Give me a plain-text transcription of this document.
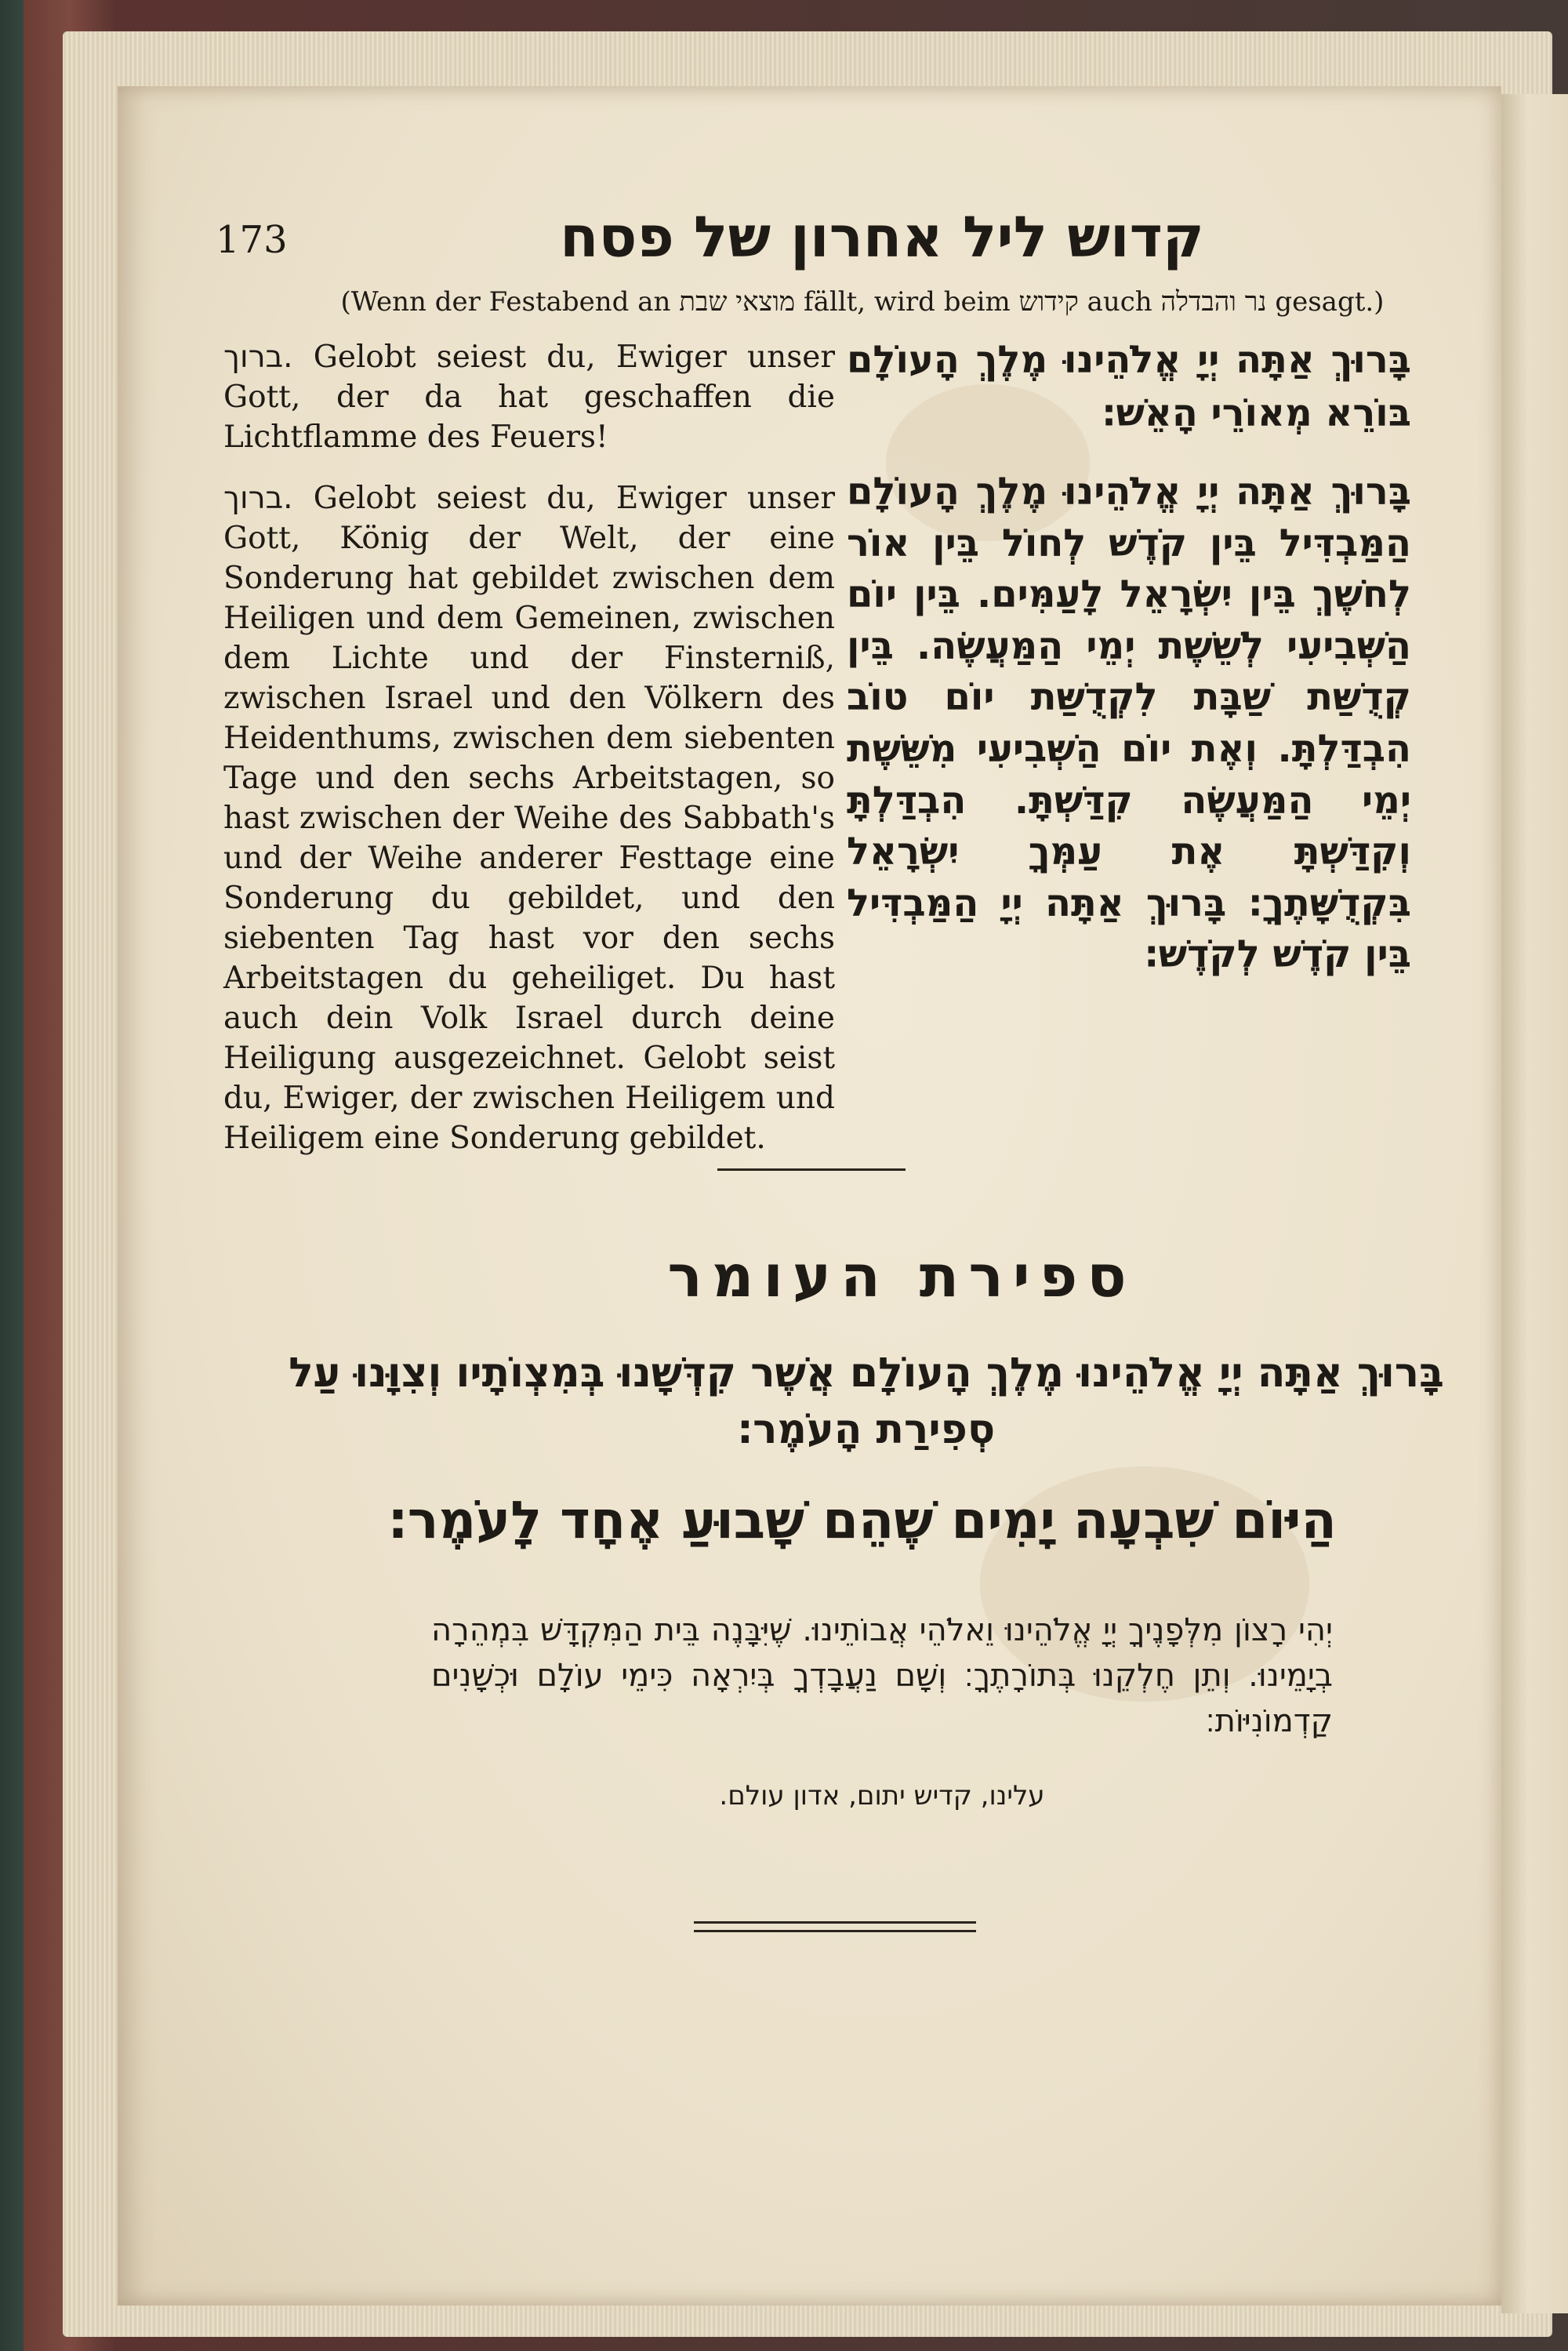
173	קדוש ליל אחרון של פסח
(Wenn der Festabend an מוצאי שבת fällt, wird beim קידוש auch נר והבדלה gesagt.)
בָּרוּךְ אַתָּה יְיָ אֱלֹהֵינוּ מֶלֶךְ הָעוֹלָם בּוֹרֵא מְאוֹרֵי הָאֵשׁ׃
ברוך. Gelobt seiest du, Ewiger unser Gott, der da hat geschaffen die Lichtflamme des Feuers!
בָּרוּךְ אַתָּה יְיָ אֱלֹהֵינוּ מֶלֶךְ הָעוֹלָם הַמַּבְדִּיל בֵּין קֹדֶשׁ לְחוֹל בֵּין אוֹר לְחֹשֶׁךְ בֵּין יִשְׂרָאֵל לָעַמִּים. בֵּין יוֹם הַשְּׁבִיעִי לְשֵׁשֶׁת יְמֵי הַמַּעֲשֶׂה. בֵּין קְדֻשַּׁת שַׁבָּת לִקְדֻשַּׁת יוֹם טוֹב הִבְדַּלְתָּ. וְאֶת יוֹם הַשְּׁבִיעִי מִשֵּׁשֶׁת יְמֵי הַמַּעֲשֶׂה קִדַּשְׁתָּ. הִבְדַּלְתָּ וְקִדַּשְׁתָּ אֶת עַמְּךָ יִשְׂרָאֵל בִּקְדֻשָּׁתֶךָ׃ בָּרוּךְ אַתָּה יְיָ הַמַּבְדִּיל בֵּין קֹדֶשׁ לְקֹדֶשׁ׃
ברוך. Gelobt seiest du, Ewiger unser Gott, König der Welt, der eine Sonderung hat gebildet zwischen dem Heiligen und dem Gemeinen, zwischen dem Lichte und der Finsterniß, zwischen Israel und den Völkern des Heidenthums, zwischen dem siebenten Tage und den sechs Arbeitstagen, so hast zwischen der Weihe des Sabbath's und der Weihe anderer Festtage eine Sonderung du gebildet, und den siebenten Tag hast vor den sechs Arbeitstagen du geheiliget. Du hast auch dein Volk Israel durch deine Heiligung ausgezeichnet. Gelobt seist du, Ewiger, der zwischen Heiligem und Heiligem eine Sonderung gebildet.
ספירת העומר
בָּרוּךְ אַתָּה יְיָ אֱלֹהֵינוּ מֶלֶךְ הָעוֹלָם אֲשֶׁר קִדְּשָׁנוּ בְּמִצְוֹתָיו וְצִוָּנוּ עַל סְפִירַת הָעֹמֶר׃
הַיּוֹם שִׁבְעָה יָמִים שֶׁהֵם שָׁבוּעַ אֶחָד לָעֹמֶר׃
יְהִי רָצוֹן מִלְּפָנֶיךָ יְיָ אֱלֹהֵינוּ וֵאלֹהֵי אֲבוֹתֵינוּ. שֶׁיִּבָּנֶה בֵּית הַמִּקְדָּשׁ בִּמְהֵרָה בְיָמֵינוּ. וְתֵן חֶלְקֵנוּ בְּתוֹרָתֶךָ׃ וְשָׁם נַעֲבָדְךָ בְּיִרְאָה כִּימֵי עוֹלָם וּכְשָׁנִים קַדְמוֹנִיּוֹת׃
עלינו, קדיש יתום, אדון עולם.
